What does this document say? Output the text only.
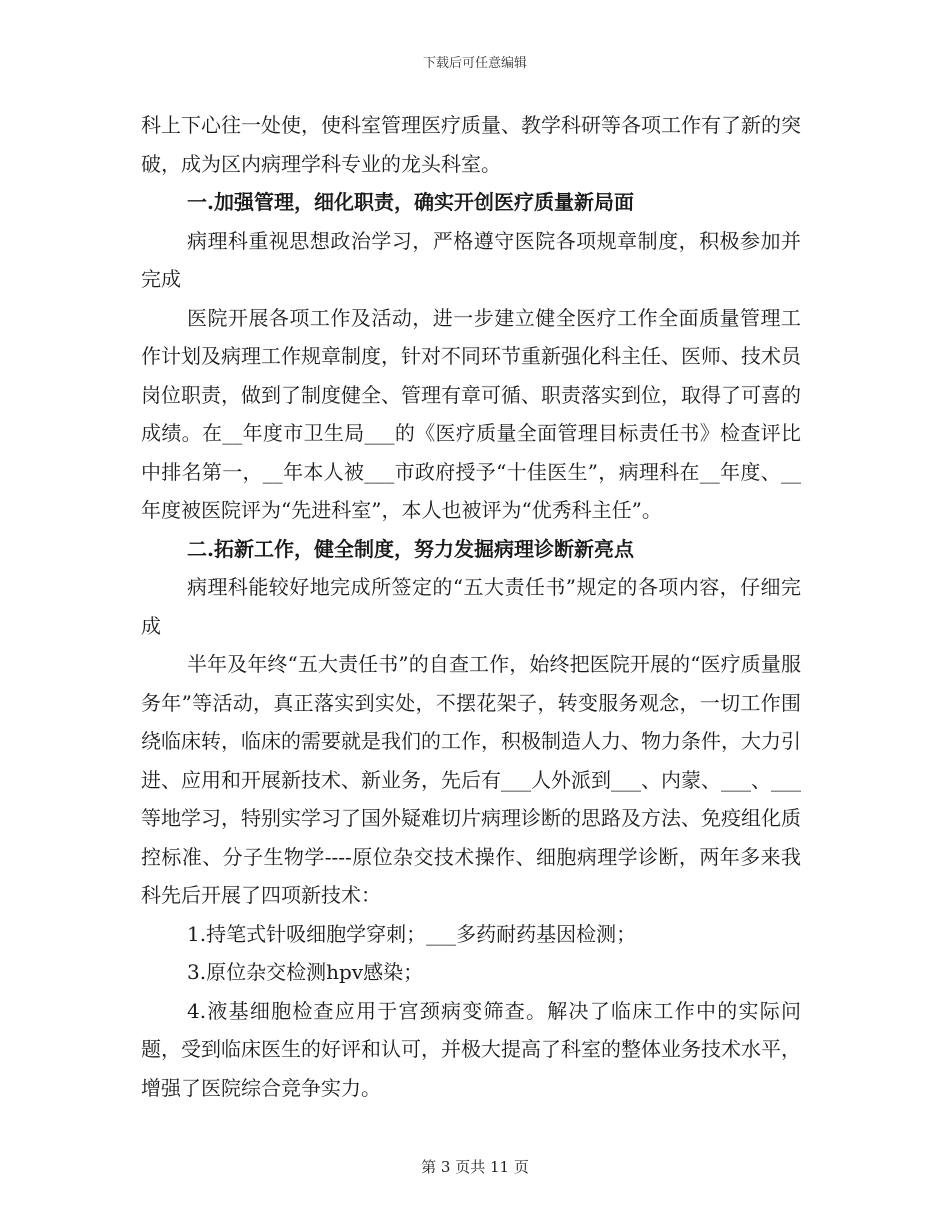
下载后可任意编辑

科上下心往一处使，使科室管理医疗质量、教学科研等各项工作有了新的突破，成为区内病理学科专业的龙头科室。

一.加强管理，细化职责，确实开创医疗质量新局面

病理科重视思想政治学习，严格遵守医院各项规章制度，积极参加并完成

医院开展各项工作及活动，进一步建立健全医疗工作全面质量管理工作计划及病理工作规章制度，针对不同环节重新强化科主任、医师、技术员岗位职责，做到了制度健全、管理有章可循、职责落实到位，取得了可喜的成绩。在__年度市卫生局___的《医疗质量全面管理目标责任书》检查评比中排名第一，__年本人被___市政府授予“十佳医生”，病理科在__年度、__年度被医院评为“先进科室”，本人也被评为“优秀科主任”。

二.拓新工作，健全制度，努力发掘病理诊断新亮点

病理科能较好地完成所签定的“五大责任书”规定的各项内容，仔细完成

半年及年终“五大责任书”的自查工作，始终把医院开展的“医疗质量服务年”等活动，真正落实到实处，不摆花架子，转变服务观念，一切工作围绕临床转，临床的需要就是我们的工作，积极制造人力、物力条件，大力引进、应用和开展新技术、新业务，先后有___人外派到___、内蒙、___、___等地学习，特别实学习了国外疑难切片病理诊断的思路及方法、免疫组化质控标准、分子生物学----原位杂交技术操作、细胞病理学诊断，两年多来我科先后开展了四项新技术：

1.持笔式针吸细胞学穿刺；___多药耐药基因检测；

3.原位杂交检测hpv感染；

4.液基细胞检查应用于宫颈病变筛查。解决了临床工作中的实际问题，受到临床医生的好评和认可，并极大提高了科室的整体业务技术水平，增强了医院综合竞争实力。

第 3 页共 11 页
